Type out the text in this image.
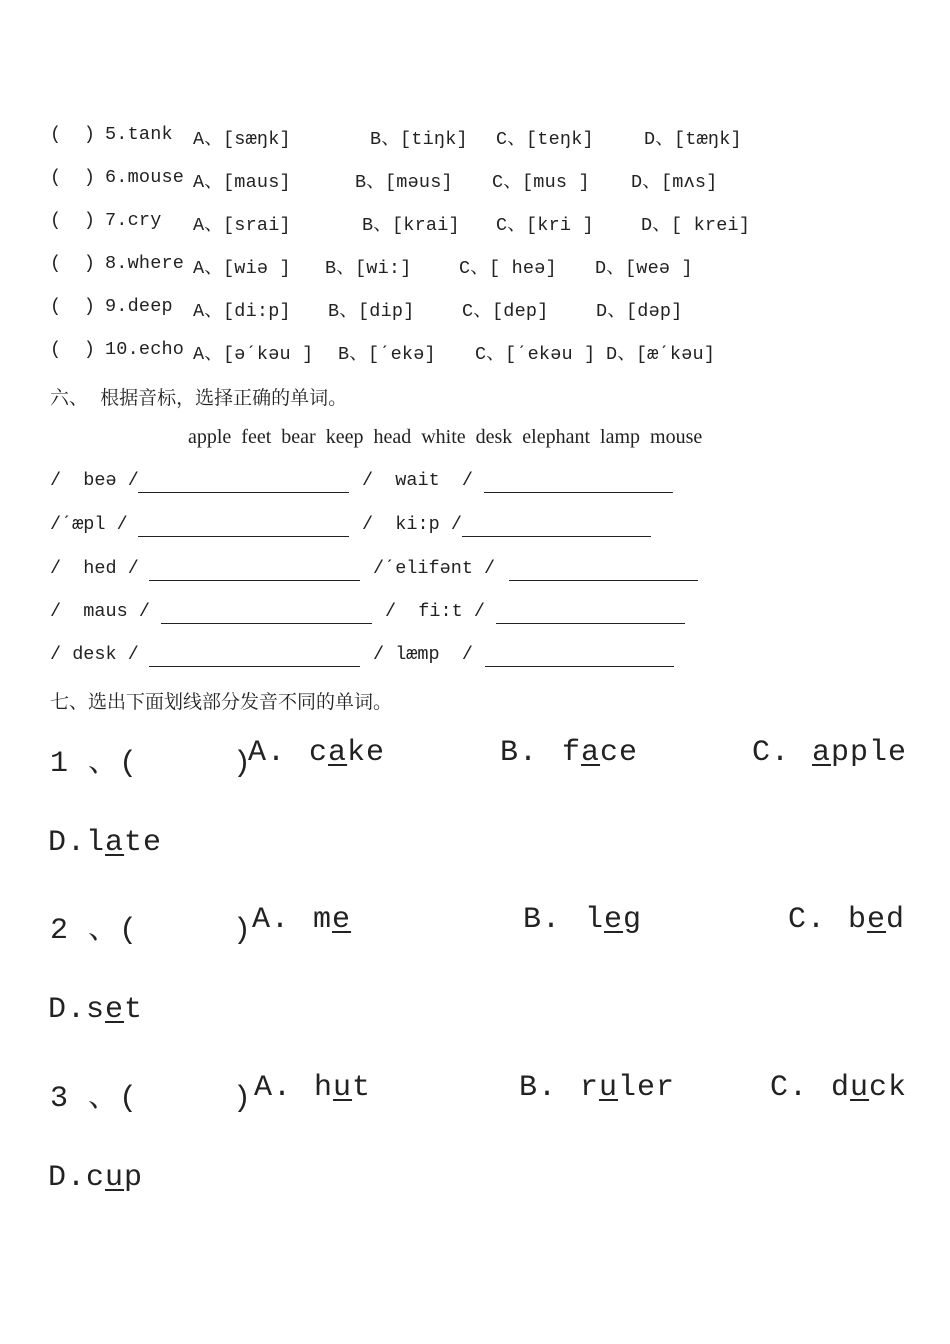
(  ) 5.tank A、[sæŋk]	B、[tiŋk] C、[teŋk]	D、[tæŋk]
(  ) 6.mouse A、[maus]	B、[məus] C、[mus ] D、[mʌs]
(  ) 7.cry A、[srai]	B、[krai] C、[kri ]	D、[ krei]
(  ) 8.where A、[wiə ] B、[wi:]	C、[ heə] D、[weə ]
(  ) 9.deep A、[di:p] B、[dip]	C、[dep]	D、[dəp]
(  ) 10.echo A、[əˊkəu ] B、[ˊekə] C、[ˊekəu ] D、[æˊkəu]
六、  根据音标，选择正确的单词。
apple  feet  bear  keep  head  white  desk  elephant  lamp  mouse
/  beə /	/  wait  /
/ˊæpl /	/  ki:p /
/  hed /	/ˊelifənt /
/  maus /	/  fi:t /
/ desk /	/ læmp  /
七、选出下面划线部分发音不同的单词。
1 、(     )
A. cake	B. face	C. apple
D.late
2 、(     ) A. me	B. leg	C. bed
D.set
3 、(     ) A. hut	B. ruler	C. duck
D.cup
